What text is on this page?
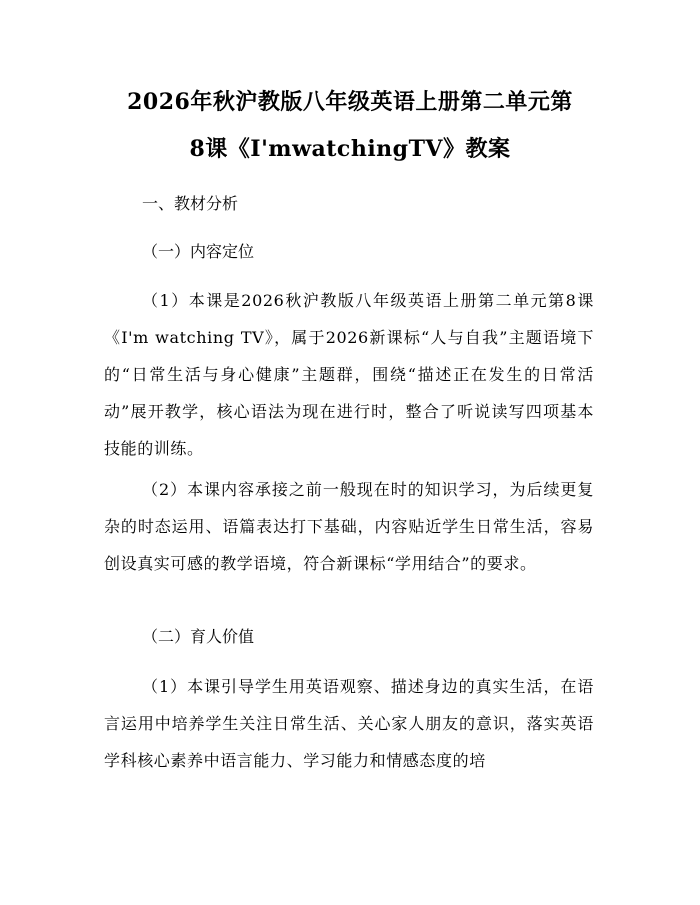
2026年秋沪教版八年级英语上册第二单元第
8课《I'mwatchingTV》教案
一、教材分析
（一）内容定位
（1）本课是2026秋沪教版八年级英语上册第二单元第8课《I'm watching TV》，属于2026新课标“人与自我”主题语境下的“日常生活与身心健康”主题群，围绕“描述正在发生的日常活动”展开教学，核心语法为现在进行时，整合了听说读写四项基本技能的训练。
（2）本课内容承接之前一般现在时的知识学习，为后续更复杂的时态运用、语篇表达打下基础，内容贴近学生日常生活，容易创设真实可感的教学语境，符合新课标“学用结合”的要求。
（二）育人价值
（1）本课引导学生用英语观察、描述身边的真实生活，在语言运用中培养学生关注日常生活、关心家人朋友的意识，落实英语学科核心素养中语言能力、学习能力和情感态度的培
